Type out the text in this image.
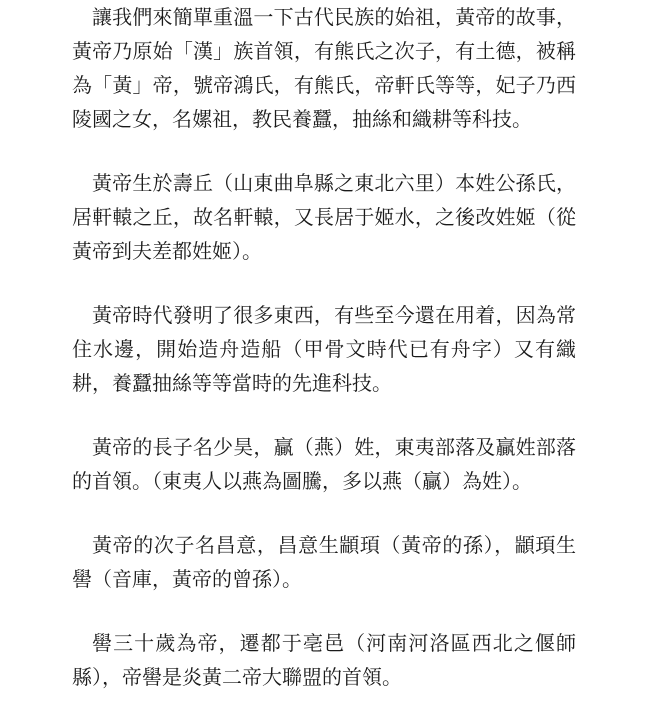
讓我們來簡單重溫一下古代民族的始祖，黃帝的故事，黃帝乃原始「漢」族首領，有熊氏之次子，有土德，被稱為「黃」帝，號帝鴻氏，有熊氏，帝軒氏等等，妃子乃西陵國之女，名嫘祖，教民養蠶，抽絲和織耕等科技。

黃帝生於壽丘（山東曲阜縣之東北六里）本姓公孫氏，居軒轅之丘，故名軒轅，又長居于姬水，之後改姓姬（從黃帝到夫差都姓姬）。

黃帝時代發明了很多東西，有些至今還在用着，因為常住水邊，開始造舟造船（甲骨文時代已有舟字）又有織耕，養蠶抽絲等等當時的先進科技。

黃帝的長子名少昊，贏（燕）姓，東夷部落及贏姓部落的首領。（東夷人以燕為圖騰，多以燕（贏）為姓）。

黃帝的次子名昌意，昌意生顓頊（黃帝的孫），顓頊生嚳（音庫，黃帝的曾孫）。

嚳三十歲為帝，遷都于亳邑（河南河洛區西北之偃師縣），帝嚳是炎黃二帝大聯盟的首領。
